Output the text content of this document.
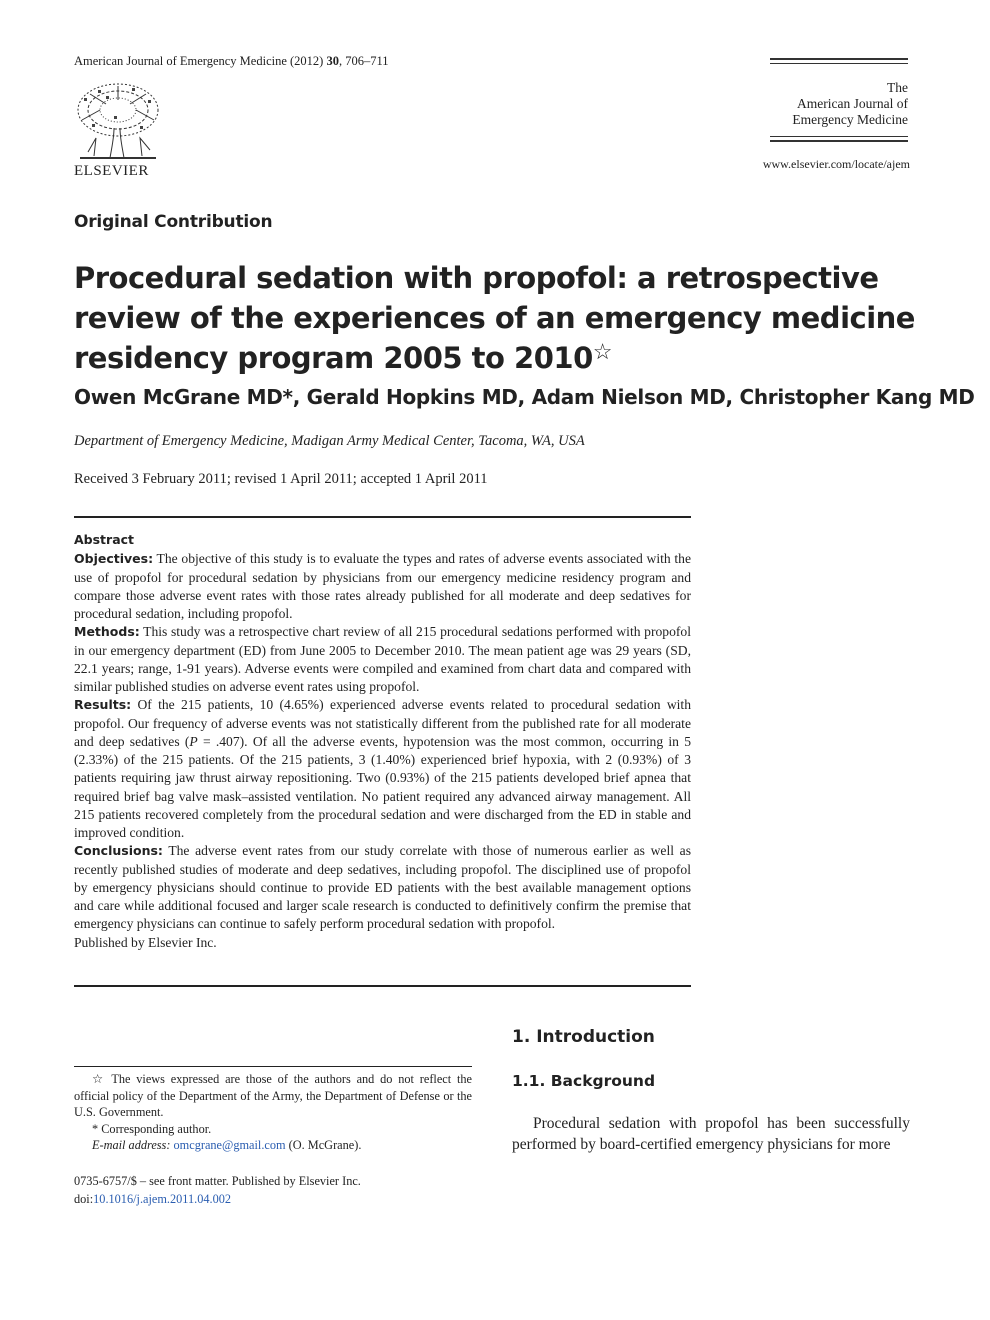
American Journal of Emergency Medicine (2012) 30, 706–711
ELSEVIER
The
American Journal of
Emergency Medicine
www.elsevier.com/locate/ajem
Original Contribution
Procedural sedation with propofol: a retrospective review of the experiences of an emergency medicine residency program 2005 to 2010☆
Owen McGrane MD*, Gerald Hopkins MD, Adam Nielson MD, Christopher Kang MD
Department of Emergency Medicine, Madigan Army Medical Center, Tacoma, WA, USA
Received 3 February 2011; revised 1 April 2011; accepted 1 April 2011
Abstract

Objectives: The objective of this study is to evaluate the types and rates of adverse events associated with the use of propofol for procedural sedation by physicians from our emergency medicine residency program and compare those adverse event rates with those rates already published for all moderate and deep sedatives for procedural sedation, including propofol.

Methods: This study was a retrospective chart review of all 215 procedural sedations performed with propofol in our emergency department (ED) from June 2005 to December 2010. The mean patient age was 29 years (SD, 22.1 years; range, 1-91 years). Adverse events were compiled and examined from chart data and compared with similar published studies on adverse event rates using propofol.

Results: Of the 215 patients, 10 (4.65%) experienced adverse events related to procedural sedation with propofol. Our frequency of adverse events was not statistically different from the published rate for all moderate and deep sedatives (P = .407). Of all the adverse events, hypotension was the most common, occurring in 5 (2.33%) of the 215 patients. Of the 215 patients, 3 (1.40%) experienced brief hypoxia, with 2 (0.93%) of 3 patients requiring jaw thrust airway repositioning. Two (0.93%) of the 215 patients developed brief apnea that required brief bag valve mask–assisted ventilation. No patient required any advanced airway management. All 215 patients recovered completely from the procedural sedation and were discharged from the ED in stable and improved condition.

Conclusions: The adverse event rates from our study correlate with those of numerous earlier as well as recently published studies of moderate and deep sedatives, including propofol. The disciplined use of propofol by emergency physicians should continue to provide ED patients with the best available management options and care while additional focused and larger scale research is conducted to definitively confirm the premise that emergency physicians can continue to safely perform procedural sedation with propofol.

Published by Elsevier Inc.

1. Introduction
1.1. Background

Procedural sedation with propofol has been successfully performed by board-certified emergency physicians for more

☆ The views expressed are those of the authors and do not reflect the official policy of the Department of the Army, the Department of Defense or the U.S. Government.

* Corresponding author.

E-mail address: omcgrane@gmail.com (O. McGrane).

0735-6757/$ – see front matter. Published by Elsevier Inc.

doi:10.1016/j.ajem.2011.04.002
